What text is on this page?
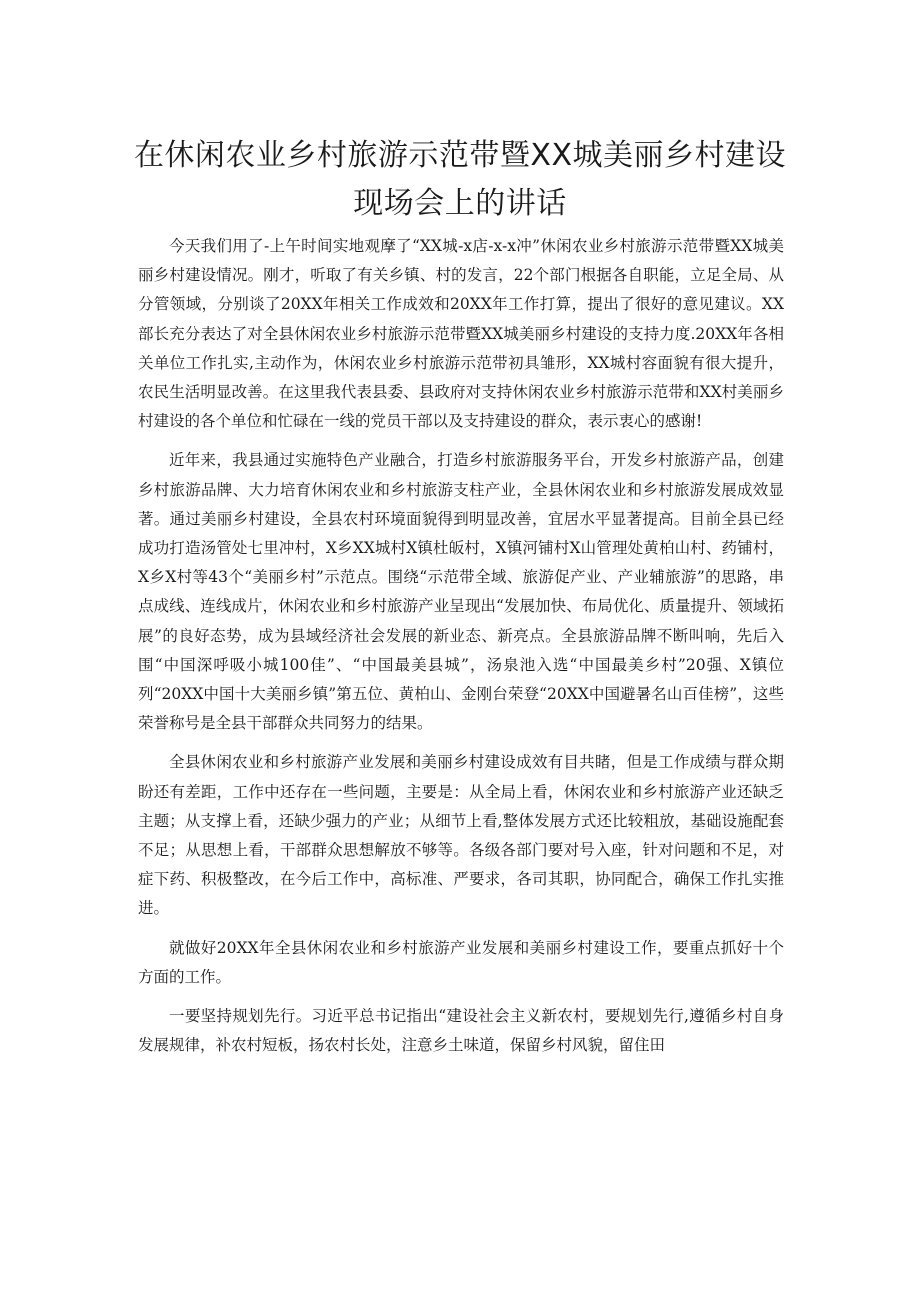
在休闲农业乡村旅游示范带暨XX城美丽乡村建设现场会上的讲话

今天我们用了-上午时间实地观摩了“XX城-x店-x-x冲”休闲农业乡村旅游示范带暨XX城美丽乡村建设情况。刚才，听取了有关乡镇、村的发言，22个部门根据各自职能，立足全局、从分管领域，分别谈了20XX年相关工作成效和20XX年工作打算，提出了很好的意见建议。XX部长充分表达了对全县休闲农业乡村旅游示范带暨XX城美丽乡村建设的支持力度.20XX年各相关单位工作扎实,主动作为，休闲农业乡村旅游示范带初具雏形，XX城村容面貌有很大提升，农民生活明显改善。在这里我代表县委、县政府对支持休闲农业乡村旅游示范带和XX村美丽乡村建设的各个单位和忙碌在一线的党员干部以及支持建设的群众，表示衷心的感谢!

近年来，我县通过实施特色产业融合，打造乡村旅游服务平台，开发乡村旅游产品，创建乡村旅游品牌、大力培育休闲农业和乡村旅游支柱产业，全县休闲农业和乡村旅游发展成效显著。通过美丽乡村建设，全县农村环境面貌得到明显改善，宜居水平显著提高。目前全县已经成功打造汤管处七里冲村，X乡XX城村X镇杜皈村，X镇河铺村X山管理处黄柏山村、药铺村，X乡X村等43个“美丽乡村”示范点。围绕“示范带全域、旅游促产业、产业辅旅游”的思路，串点成线、连线成片，休闲农业和乡村旅游产业呈现出“发展加快、布局优化、质量提升、领域拓展”的良好态势，成为县域经济社会发展的新业态、新亮点。全县旅游品牌不断叫响，先后入围“中国深呼吸小城100佳”、“中国最美县城”，汤泉池入选“中国最美乡村”20强、X镇位列“20XX中国十大美丽乡镇”第五位、黄柏山、金刚台荣登“20XX中国避暑名山百佳榜”，这些荣誉称号是全县干部群众共同努力的结果。

全县休闲农业和乡村旅游产业发展和美丽乡村建设成效有目共睹，但是工作成绩与群众期盼还有差距，工作中还存在一些问题，主要是：从全局上看，休闲农业和乡村旅游产业还缺乏主题；从支撑上看，还缺少强力的产业；从细节上看,整体发展方式还比较粗放，基础设施配套不足；从思想上看，干部群众思想解放不够等。各级各部门要对号入座，针对问题和不足，对症下药、积极整改，在今后工作中，高标准、严要求，各司其职，协同配合，确保工作扎实推进。

就做好20XX年全县休闲农业和乡村旅游产业发展和美丽乡村建设工作，要重点抓好十个方面的工作。

一要坚持规划先行。习近平总书记指出“建设社会主义新农村，要规划先行,遵循乡村自身发展规律，补农村短板，扬农村长处，注意乡土味道，保留乡村风貌，留住田
